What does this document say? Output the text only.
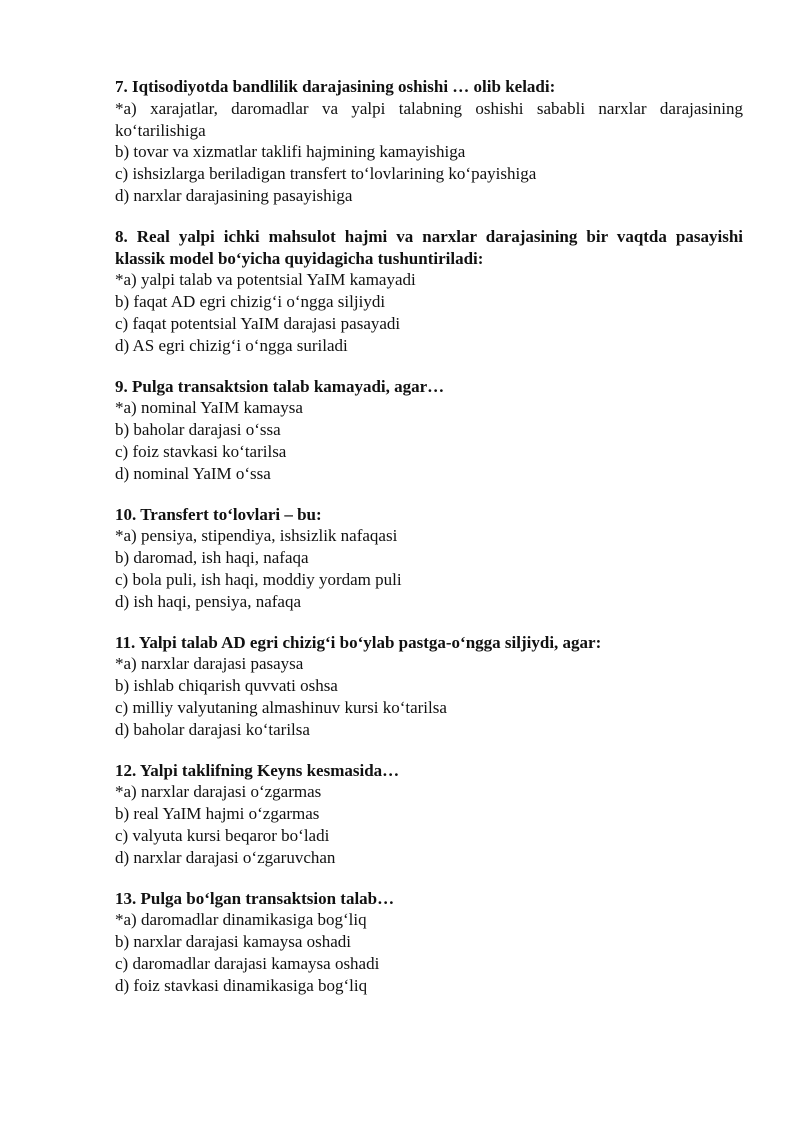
7. Iqtisodiyotda bandlilik darajasining oshishi … olib keladi:

*a) xarajatlar, daromadlar va yalpi talabning oshishi sababli narxlar darajasining ko‘tarilishiga

b) tovar va xizmatlar taklifi hajmining kamayishiga

c) ishsizlarga beriladigan transfert to‘lovlarining ko‘payishiga

d) narxlar darajasining pasayishiga

8. Real yalpi ichki mahsulot hajmi va narxlar darajasining bir vaqtda pasayishi klassik model bo‘yicha quyidagicha tushuntiriladi:

*a) yalpi talab va potentsial YaIM kamayadi

b) faqat AD egri chizig‘i o‘ngga siljiydi

c) faqat potentsial YaIM darajasi pasayadi

d) AS egri chizig‘i o‘ngga suriladi

9. Pulga transaktsion talab kamayadi, agar…

*a) nominal YaIM kamaysa

b) baholar darajasi o‘ssa

c) foiz stavkasi ko‘tarilsa

d) nominal YaIM o‘ssa

10. Transfert to‘lovlari – bu:

*a) pensiya, stipendiya, ishsizlik nafaqasi

b) daromad, ish haqi, nafaqa

c) bola puli, ish haqi, moddiy yordam puli

d) ish haqi, pensiya, nafaqa

11. Yalpi talab AD egri chizig‘i bo‘ylab pastga-o‘ngga siljiydi, agar:

*a) narxlar darajasi pasaysa

b) ishlab chiqarish quvvati oshsa

c) milliy valyutaning almashinuv kursi ko‘tarilsa

d) baholar darajasi ko‘tarilsa

12. Yalpi taklifning Keyns kesmasida…

*a) narxlar darajasi o‘zgarmas

b) real YaIM hajmi o‘zgarmas

c) valyuta kursi beqaror bo‘ladi

d) narxlar darajasi o‘zgaruvchan

13. Pulga bo‘lgan transaktsion talab…

*a) daromadlar dinamikasiga bog‘liq

b) narxlar darajasi kamaysa oshadi

c) daromadlar darajasi kamaysa oshadi

d) foiz stavkasi dinamikasiga bog‘liq
